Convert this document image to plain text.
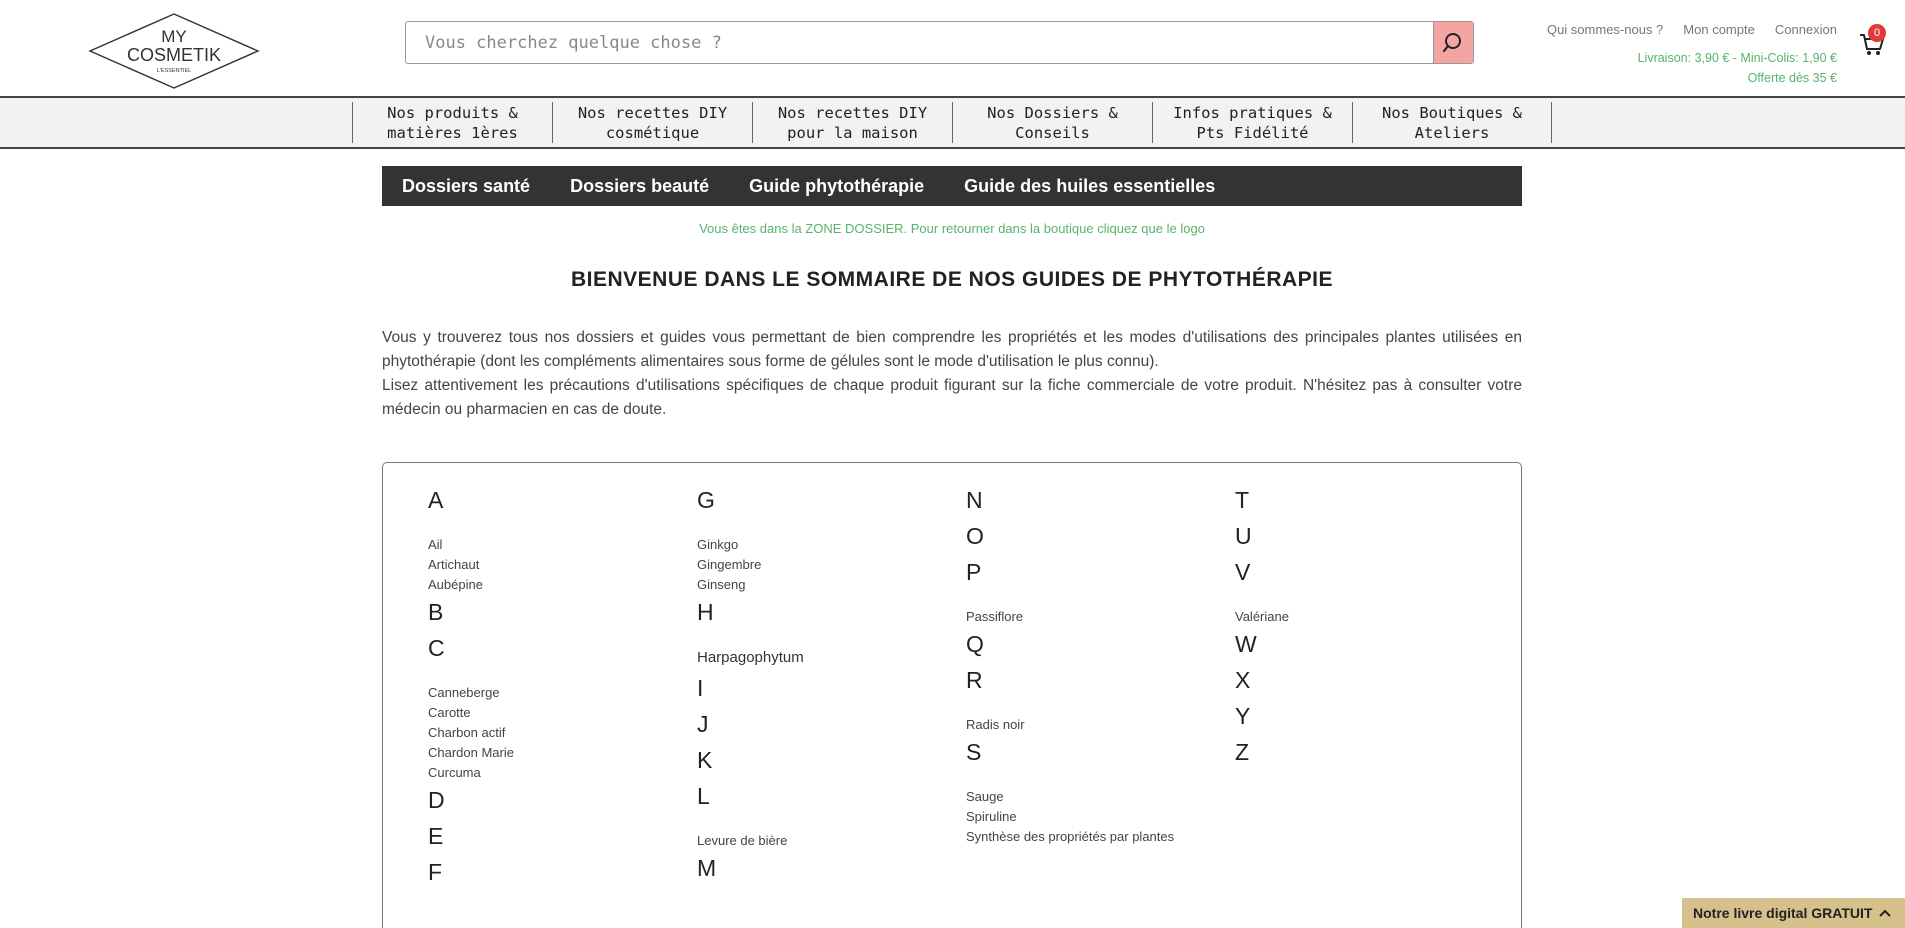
MY
COSMETIK
L'ESSENTIEL
Vous cherchez quelque chose ?
Qui sommes-nous ? Mon compte Connexion
Livraison: 3,90 € - Mini-Colis: 1,90 €
Offerte dès 35 €
0
Nos produits &
matières 1ères
Nos recettes DIY
cosmétique
Nos recettes DIY
pour la maison
Nos Dossiers &
Conseils
Infos pratiques &
Pts Fidélité
Nos Boutiques &
Ateliers
Dossiers santé Dossiers beauté Guide phytothérapie Guide des huiles essentielles
Vous êtes dans la ZONE DOSSIER. Pour retourner dans la boutique cliquez que le logo
BIENVENUE DANS LE SOMMAIRE DE NOS GUIDES DE PHYTOTHÉRAPIE
Vous y trouverez tous nos dossiers et guides vous permettant de bien comprendre les propriétés et les modes d'utilisations des principales plantes utilisées en phytothérapie (dont les compléments alimentaires sous forme de gélules sont le mode d'utilisation le plus connu).
Lisez attentivement les précautions d'utilisations spécifiques de chaque produit figurant sur la fiche commerciale de votre produit. N'hésitez pas à consulter votre médecin ou pharmacien en cas de doute.
A
Ail
Artichaut
Aubépine
B
C
Canneberge
Carotte
Charbon actif
Chardon Marie
Curcuma
D
E
F
G
Ginkgo
Gingembre
Ginseng
H
Harpagophytum
I
J
K
L
Levure de bière
M
N
O
P
Passiflore
Q
R
Radis noir
S
Sauge
Spiruline
Synthèse des propriétés par plantes
T
U
V
Valériane
W
X
Y
Z
Notre livre digital GRATUIT
